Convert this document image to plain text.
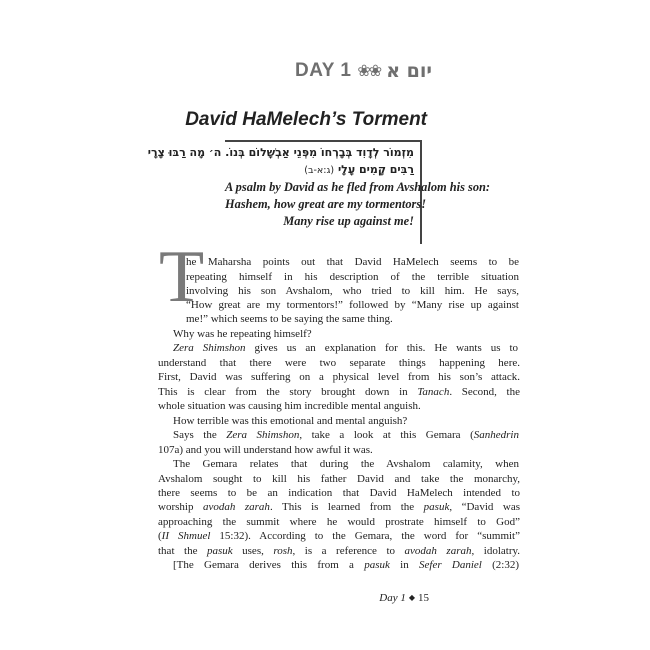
DAY 1 ❀❀ יום א
David HaMelech’s Torment
מִזְמוֹר לְדָוִד בְּבָרְחוֹ מִפְּנֵי אַבְשָׁלוֹם בְּנוֹ. ה׳ מָה רַבּוּ צָרָי
רַבִּים קָמִים עָלָי (ג:א-ב)
A psalm by David as he fled from Avshalom his son:
Hashem, how great are my tormentors!
Many rise up against me!
T
he Maharsha points out that David HaMelech seems to be
repeating himself in his description of the terrible situation
involving his son Avshalom, who tried to kill him. He says,
“How great are my tormentors!” followed by “Many rise up against
me!” which seems to be saying the same thing.
Why was he repeating himself?
Zera Shimshon gives us an explanation for this. He wants us to
understand that there were two separate things happening here.
First, David was suffering on a physical level from his son’s attack.
This is clear from the story brought down in Tanach. Second, the
whole situation was causing him incredible mental anguish.
How terrible was this emotional and mental anguish?
Says the Zera Shimshon, take a look at this Gemara (Sanhedrin
107a) and you will understand how awful it was.
The Gemara relates that during the Avshalom calamity, when
Avshalom sought to kill his father David and take the monarchy,
there seems to be an indication that David HaMelech intended to
worship avodah zarah. This is learned from the pasuk, “David was
approaching the summit where he would prostrate himself to God”
(II Shmuel 15:32). According to the Gemara, the word for “summit”
that the pasuk uses, rosh, is a reference to avodah zarah, idolatry.
[The Gemara derives this from a pasuk in Sefer Daniel (2:32)
Day 1 ◆ 15
